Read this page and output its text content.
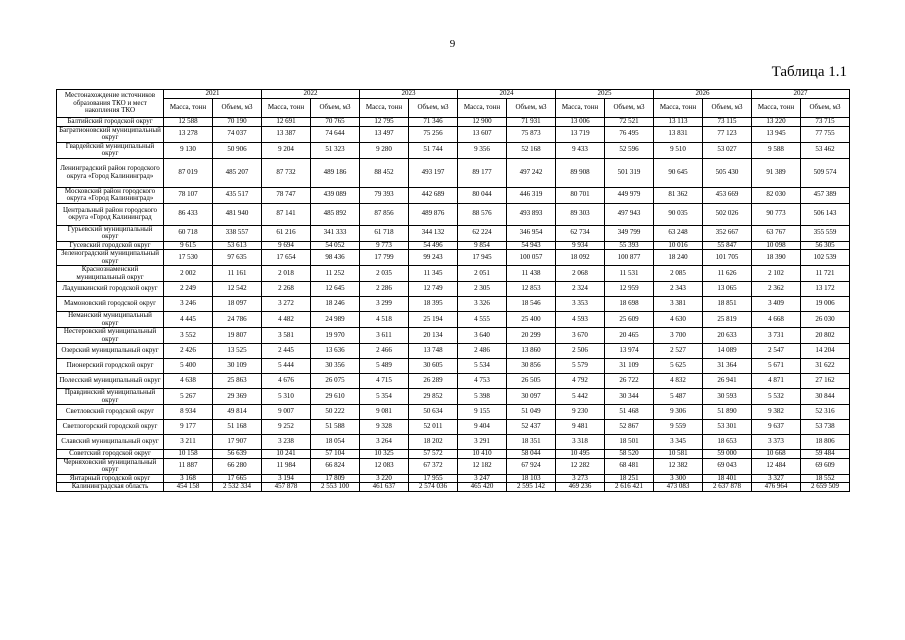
9
Таблица 1.1
Местонахождение источников образования ТКО и мест накопления ТКО	2021		2022		2023		2024		2025		2026		2027	
	Масса, тонн	Объем, м3	Масса, тонн	Объем, м3	Масса, тонн	Объем, м3	Масса, тонн	Объем, м3	Масса, тонн	Объем, м3	Масса, тонн	Объем, м3	Масса, тонн	Объем, м3
Балтийский городской округ	12 588	70 190	12 691	70 765	12 795	71 346	12 900	71 931	13 006	72 521	13 113	73 115	13 220	73 715
Багратионовский муниципальный округ	13 278	74 037	13 387	74 644	13 497	75 256	13 607	75 873	13 719	76 495	13 831	77 123	13 945	77 755
Гвардейский муниципальный округ	9 130	50 906	9 204	51 323	9 280	51 744	9 356	52 168	9 433	52 596	9 510	53 027	9 588	53 462
Ленинградский район городского округа «Город Калининград»	87 019	485 207	87 732	489 186	88 452	493 197	89 177	497 242	89 908	501 319	90 645	505 430	91 389	509 574
Московский район городского округа «Город Калининград»	78 107	435 517	78 747	439 089	79 393	442 689	80 044	446 319	80 701	449 979	81 362	453 669	82 030	457 389
Центральный район городского округа «Город Калининград	86 433	481 940	87 141	485 892	87 856	489 876	88 576	493 893	89 303	497 943	90 035	502 026	90 773	506 143
Гурьевский муниципальный округ	60 718	338 557	61 216	341 333	61 718	344 132	62 224	346 954	62 734	349 799	63 248	352 667	63 767	355 559
Гусевский городской округ	9 615	53 613	9 694	54 052	9 773	54 496	9 854	54 943	9 934	55 393	10 016	55 847	10 098	56 305
Зеленоградский муниципальный округ	17 530	97 635	17 654	98 436	17 799	99 243	17 945	100 057	18 092	100 877	18 240	101 705	18 390	102 539
Краснознаменский муниципальный округ	2 002	11 161	2 018	11 252	2 035	11 345	2 051	11 438	2 068	11 531	2 085	11 626	2 102	11 721
Ладушкинский городской округ	2 249	12 542	2 268	12 645	2 286	12 749	2 305	12 853	2 324	12 959	2 343	13 065	2 362	13 172
Мамоновский городской округ	3 246	18 097	3 272	18 246	3 299	18 395	3 326	18 546	3 353	18 698	3 381	18 851	3 409	19 006
Неманский муниципальный округ	4 445	24 786	4 482	24 989	4 518	25 194	4 555	25 400	4 593	25 609	4 630	25 819	4 668	26 030
Нестеровский муниципальный округ	3 552	19 807	3 581	19 970	3 611	20 134	3 640	20 299	3 670	20 465	3 700	20 633	3 731	20 802
Озерский муниципальный округ	2 426	13 525	2 445	13 636	2 466	13 748	2 486	13 860	2 506	13 974	2 527	14 089	2 547	14 204
Пионерский городской округ	5 400	30 109	5 444	30 356	5 489	30 605	5 534	30 856	5 579	31 109	5 625	31 364	5 671	31 622
Полесский муниципальный округ	4 638	25 863	4 676	26 075	4 715	26 289	4 753	26 505	4 792	26 722	4 832	26 941	4 871	27 162
Правдинский муниципальный округ	5 267	29 369	5 310	29 610	5 354	29 852	5 398	30 097	5 442	30 344	5 487	30 593	5 532	30 844
Светловский городской округ	8 934	49 814	9 007	50 222	9 081	50 634	9 155	51 049	9 230	51 468	9 306	51 890	9 382	52 316
Светлогорский городской округ	9 177	51 168	9 252	51 588	9 328	52 011	9 404	52 437	9 481	52 867	9 559	53 301	9 637	53 738
Славский муниципальный округ	3 211	17 907	3 238	18 054	3 264	18 202	3 291	18 351	3 318	18 501	3 345	18 653	3 373	18 806
Советский городской округ	10 158	56 639	10 241	57 104	10 325	57 572	10 410	58 044	10 495	58 520	10 581	59 000	10 668	59 484
Черняховский муниципальный округ	11 887	66 280	11 984	66 824	12 083	67 372	12 182	67 924	12 282	68 481	12 382	69 043	12 484	69 609
Янтарный городской округ	3 168	17 665	3 194	17 809	3 220	17 955	3 247	18 103	3 273	18 251	3 300	18 401	3 327	18 552
Калининградская область	454 158	2 532 334	457 878	2 553 100	461 637	2 574 036	465 420	2 595 142	469 236	2 616 421	473 083	2 637 878	476 964	2 659 509
